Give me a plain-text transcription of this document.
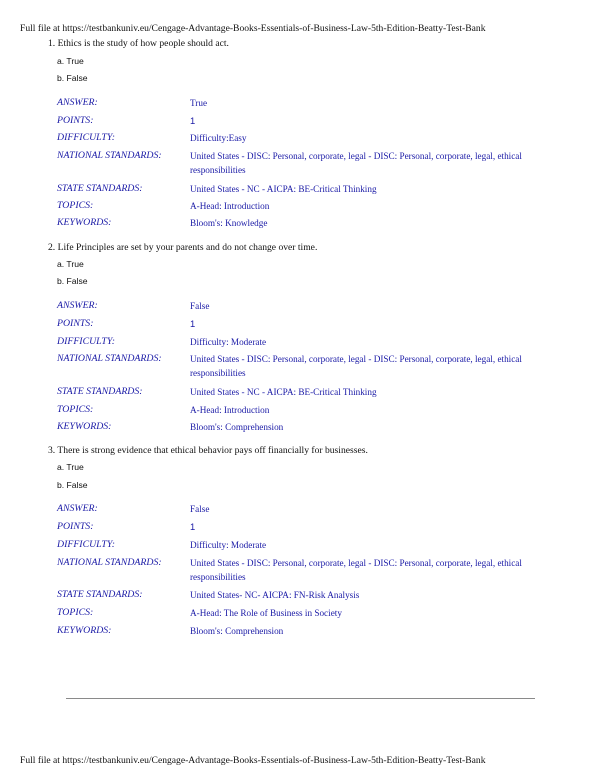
Full file at https://testbankuniv.eu/Cengage-Advantage-Books-Essentials-of-Business-Law-5th-Edition-Beatty-Test-Bank
1. Ethics is the study of how people should act.
a. True
b. False
ANSWER:	True
POINTS:	1
DIFFICULTY:	Difficulty:Easy
NATIONAL STANDARDS:	United States - DISC: Personal, corporate, legal - DISC: Personal, corporate, legal, ethical responsibilities
STATE STANDARDS:	United States - NC - AICPA: BE-Critical Thinking
TOPICS:	A-Head: Introduction
KEYWORDS:	Bloom's: Knowledge
2. Life Principles are set by your parents and do not change over time.
a. True
b. False
ANSWER:	False
POINTS:	1
DIFFICULTY:	Difficulty: Moderate
NATIONAL STANDARDS:	United States - DISC: Personal, corporate, legal - DISC: Personal, corporate, legal, ethical responsibilities
STATE STANDARDS:	United States - NC - AICPA: BE-Critical Thinking
TOPICS:	A-Head: Introduction
KEYWORDS:	Bloom's: Comprehension
3. There is strong evidence that ethical behavior pays off financially for businesses.
a. True
b. False
ANSWER:	False
POINTS:	1
DIFFICULTY:	Difficulty: Moderate
NATIONAL STANDARDS:	United States - DISC: Personal, corporate, legal - DISC: Personal, corporate, legal, ethical responsibilities
STATE STANDARDS:	United States- NC- AICPA: FN-Risk Analysis
TOPICS:	A-Head: The Role of Business in Society
KEYWORDS:	Bloom's: Comprehension
Full file at https://testbankuniv.eu/Cengage-Advantage-Books-Essentials-of-Business-Law-5th-Edition-Beatty-Test-Bank
